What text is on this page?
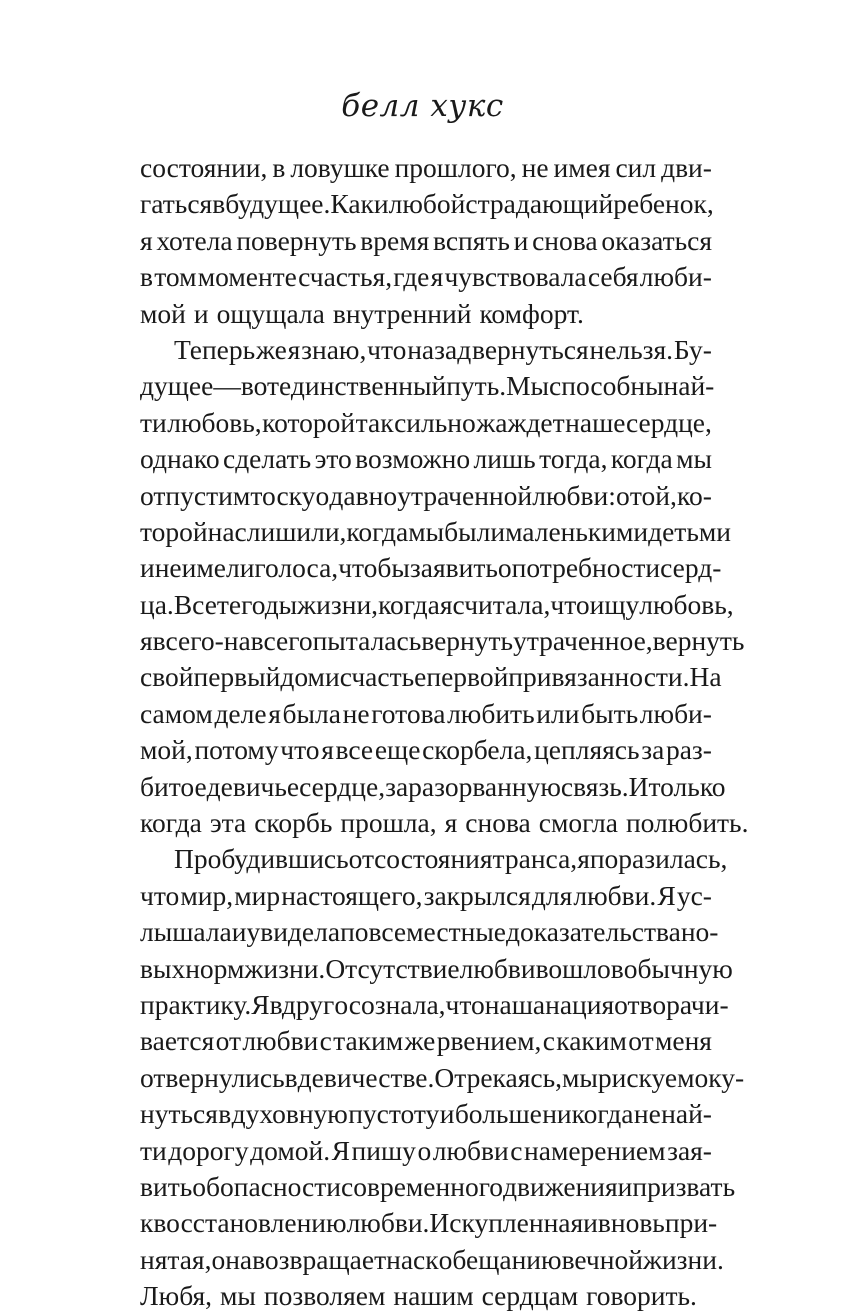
белл хукс
состоянии, в ловушке прошлого, не имея сил дви-
гаться в будущее. Как и любой страдающий ребенок,
я хотела повернуть время вспять и снова оказаться
в том моменте счастья, где я чувствовала себя люби-
мой и ощущала внутренний комфорт.
Теперь же я знаю, что назад вернуться нельзя. Бу-
дущее — вот единственный путь. Мы способны най-
ти любовь, которой так сильно жаждет наше сердце,
однако сделать это возможно лишь тогда, когда мы
отпустим тоску о давно утраченной любви: о той, ко-
торой нас лишили, когда мы были маленькими детьми
и не имели голоса, чтобы заявить о потребности серд-
ца. Все те годы жизни, когда я считала, что ищу любовь,
я всего-навсего пыталась вернуть утраченное, вернуть
свой первый дом и счастье первой привязанности. На
самом деле я была не готова любить или быть люби-
мой, потому что я все еще скорбела, цепляясь за раз-
битое девичье сердце, за разорванную связь. И только
когда эта скорбь прошла, я снова смогла полюбить.
Пробудившись от состояния транса, я поразилась,
что мир, мир настоящего, закрылся для любви. Я ус-
лышала и увидела повсеместные доказательства но-
вых норм жизни. Отсутствие любви вошло в обычную
практику. Я вдруг осознала, что наша нация отворачи-
вается от любви с таким же рвением, с каким от меня
отвернулись в девичестве. Отрекаясь, мы рискуем оку-
нуться в духовную пустоту и больше никогда не най-
ти дорогу домой. Я пишу о любви с намерением зая-
вить об опасности современного движения и призвать
к восстановлению любви. Искупленная и вновь при-
нятая, она возвращает нас к обещанию вечной жизни.
Любя, мы позволяем нашим сердцам говорить.
